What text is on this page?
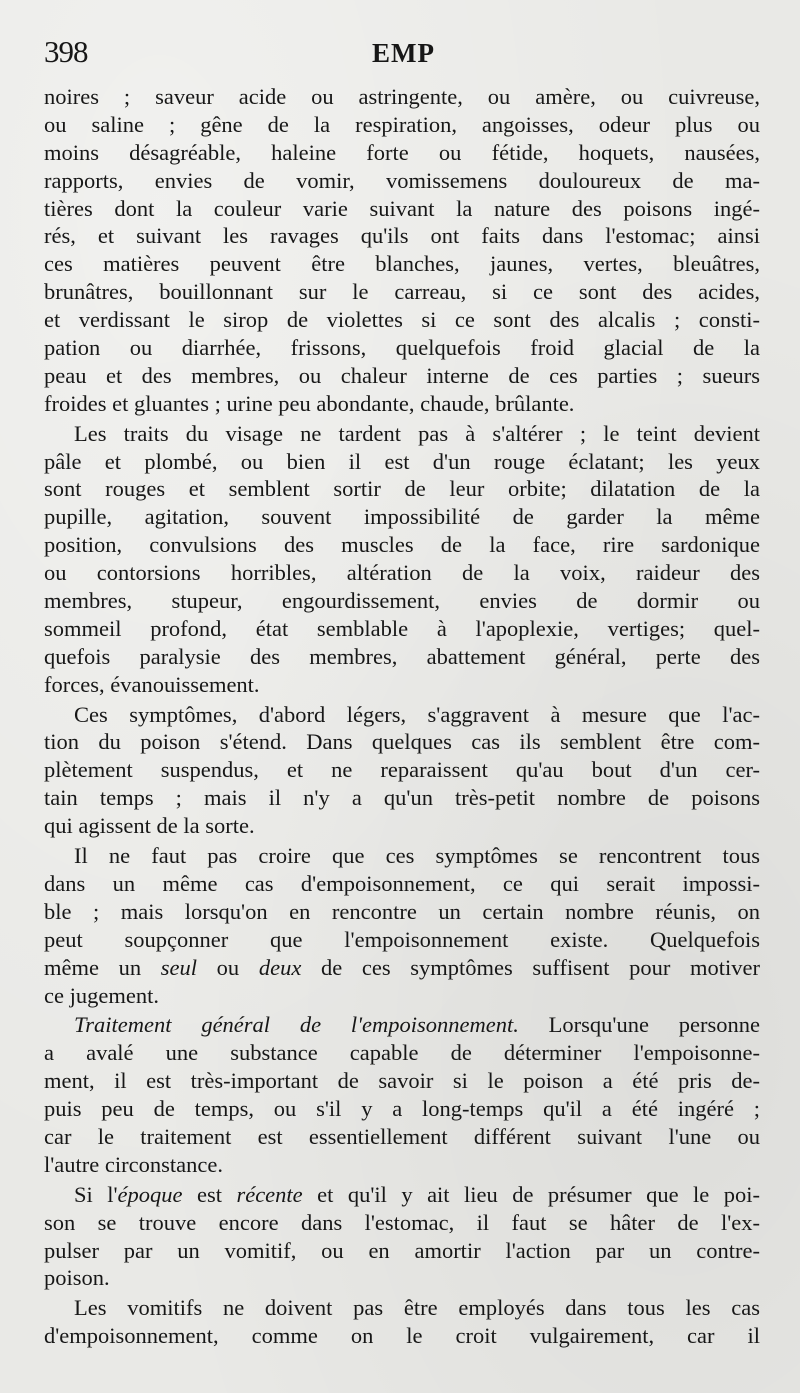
398	EMP
noires ; saveur acide ou astringente, ou amère, ou cuivreuse,
ou saline ; gêne de la respiration, angoisses, odeur plus ou
moins désagréable, haleine forte ou fétide, hoquets, nausées,
rapports, envies de vomir, vomissemens douloureux de ma-
tières dont la couleur varie suivant la nature des poisons ingé-
rés, et suivant les ravages qu'ils ont faits dans l'estomac; ainsi
ces matières peuvent être blanches, jaunes, vertes, bleuâtres,
brunâtres, bouillonnant sur le carreau, si ce sont des acides,
et verdissant le sirop de violettes si ce sont des alcalis ; consti-
pation ou diarrhée, frissons, quelquefois froid glacial de la
peau et des membres, ou chaleur interne de ces parties ; sueurs
froides et gluantes ; urine peu abondante, chaude, brûlante.
Les traits du visage ne tardent pas à s'altérer ; le teint devient
pâle et plombé, ou bien il est d'un rouge éclatant; les yeux
sont rouges et semblent sortir de leur orbite; dilatation de la
pupille, agitation, souvent impossibilité de garder la même
position, convulsions des muscles de la face, rire sardonique
ou contorsions horribles, altération de la voix, raideur des
membres, stupeur, engourdissement, envies de dormir ou
sommeil profond, état semblable à l'apoplexie, vertiges; quel-
quefois paralysie des membres, abattement général, perte des
forces, évanouissement.
Ces symptômes, d'abord légers, s'aggravent à mesure que l'ac-
tion du poison s'étend. Dans quelques cas ils semblent être com-
plètement suspendus, et ne reparaissent qu'au bout d'un cer-
tain temps ; mais il n'y a qu'un très-petit nombre de poisons
qui agissent de la sorte.
Il ne faut pas croire que ces symptômes se rencontrent tous
dans un même cas d'empoisonnement, ce qui serait impossi-
ble ; mais lorsqu'on en rencontre un certain nombre réunis, on
peut soupçonner que l'empoisonnement existe. Quelquefois
même un seul ou deux de ces symptômes suffisent pour motiver
ce jugement.
Traitement général de l'empoisonnement. Lorsqu'une personne
a avalé une substance capable de déterminer l'empoisonne-
ment, il est très-important de savoir si le poison a été pris de-
puis peu de temps, ou s'il y a long-temps qu'il a été ingéré ;
car le traitement est essentiellement différent suivant l'une ou
l'autre circonstance.
Si l'époque est récente et qu'il y ait lieu de présumer que le poi-
son se trouve encore dans l'estomac, il faut se hâter de l'ex-
pulser par un vomitif, ou en amortir l'action par un contre-
poison.
Les vomitifs ne doivent pas être employés dans tous les cas
d'empoisonnement, comme on le croit vulgairement, car il
